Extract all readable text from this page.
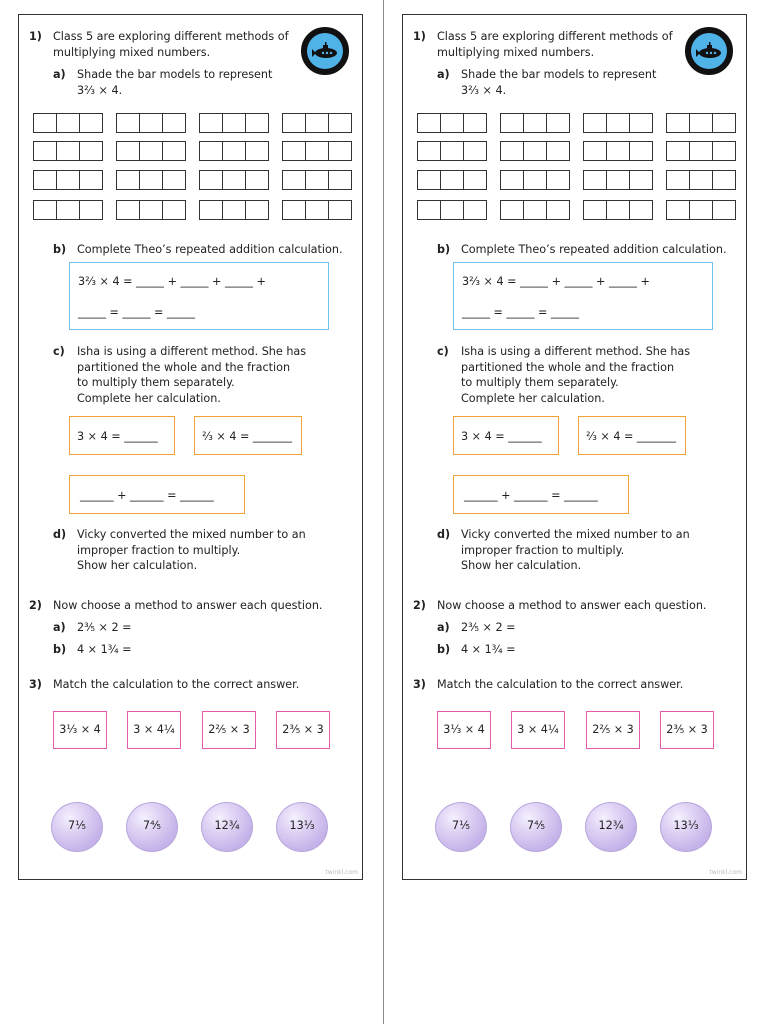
1) Class 5 are exploring different methods of
multiplying mixed numbers.
a) Shade the bar models to represent
3⅔ × 4.
b) Complete Theo’s repeated addition calculation.
3⅔ × 4 = _____ + _____ + _____ +
_____ = _____ = _____
c) Isha is using a different method. She has
partitioned the whole and the fraction
to multiply them separately.
Complete her calculation.
3 × 4 = ______	⅔ × 4 = _______
______ + ______ = ______
d) Vicky converted the mixed number to an
improper fraction to multiply.
Show her calculation.
2) Now choose a method to answer each question.
a) 2⅗ × 2 =
b) 4 × 1¾ =
3) Match the calculation to the correct answer.
3⅓ × 4	3 × 4¼	2⅖ × 3	2⅗ × 3
7⅕	7⅘	12¾	13⅓
twinkl.com
1) Class 5 are exploring different methods of
multiplying mixed numbers.
a) Shade the bar models to represent
3⅔ × 4.
b) Complete Theo’s repeated addition calculation.
3⅔ × 4 = _____ + _____ + _____ +
_____ = _____ = _____
c) Isha is using a different method. She has
partitioned the whole and the fraction
to multiply them separately.
Complete her calculation.
3 × 4 = ______	⅔ × 4 = _______
______ + ______ = ______
d) Vicky converted the mixed number to an
improper fraction to multiply.
Show her calculation.
2) Now choose a method to answer each question.
a) 2⅗ × 2 =
b) 4 × 1¾ =
3) Match the calculation to the correct answer.
3⅓ × 4	3 × 4¼	2⅖ × 3	2⅗ × 3
7⅕	7⅘	12¾	13⅓
twinkl.com
